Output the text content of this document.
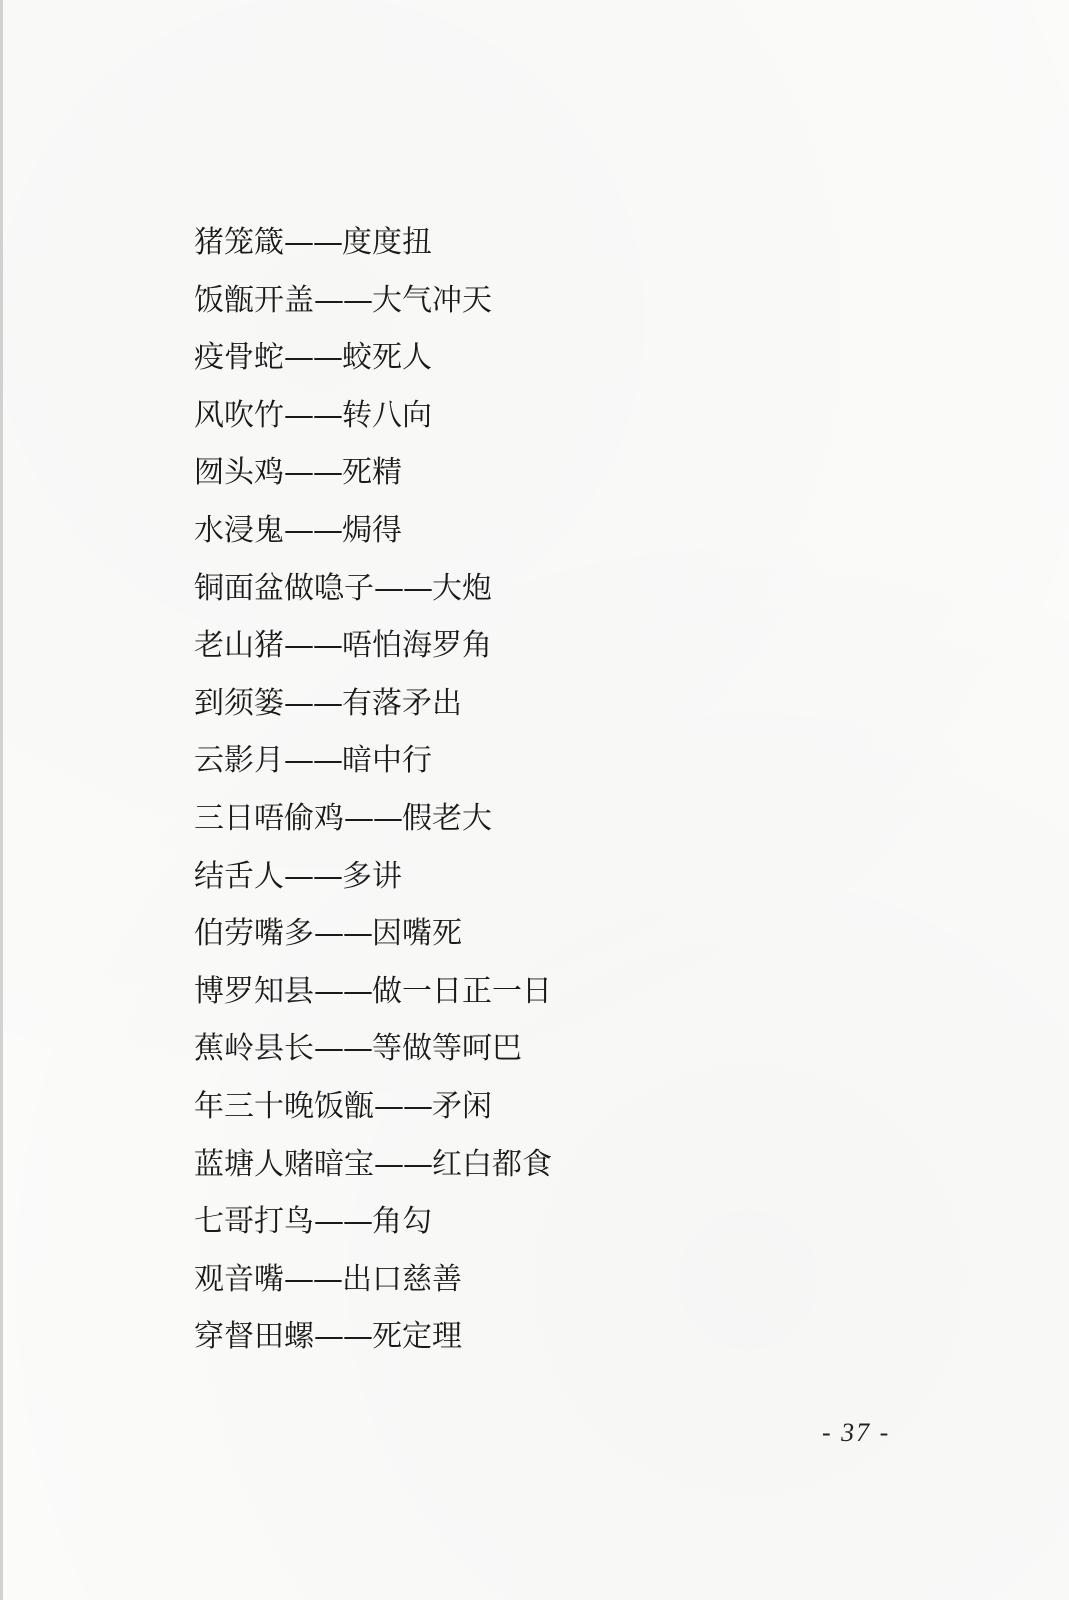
猪笼箴——度度扭
饭甑开盖——大气冲天
疫骨蛇——蛟死人
风吹竹——转八向
囫头鸡——死精
水浸鬼——焗得
铜面盆做喼子——大炮
老山猪——唔怕海罗角
到须篓——有落矛出
云影月——暗中行
三日唔偷鸡——假老大
结舌人——多讲
伯劳嘴多——因嘴死
博罗知县——做一日正一日
蕉岭县长——等做等呵巴
年三十晚饭甑——矛闲
蓝塘人赌暗宝——红白都食
七哥打鸟——角勾
观音嘴——出口慈善
穿督田螺——死定理
- 37 -
